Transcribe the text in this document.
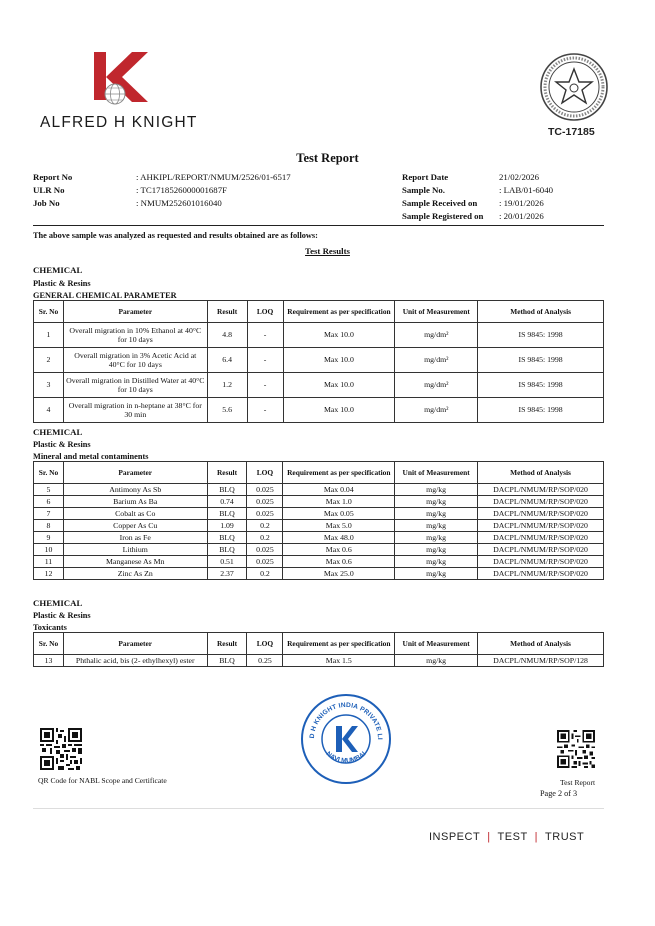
ALFRED H KNIGHT
TC-17185
Test Report
Report No	: AHKIPL/REPORT/NMUM/2526/01-6517
ULR No	: TC1718526000001687F
Job No	: NMUM252601016040
Report Date	21/02/2026
Sample No.	: LAB/01-6040
Sample Received on : 19/01/2026
Sample Registered on : 20/01/2026
The above sample was analyzed as requested and results obtained are as follows:
Test Results
CHEMICAL
Plastic & Resins
GENERAL CHEMICAL PARAMETER
Sr. No	Parameter	Result	LOQ	Requirement as per specification	Unit of Measurement	Method of Analysis
1	Overall migration in 10% Ethanol at 40°C for 10 days	4.8	-	Max 10.0	mg/dm²	IS 9845: 1998
2	Overall migration in 3% Acetic Acid at 40°C for 10 days	6.4	-	Max 10.0	mg/dm²	IS 9845: 1998
3	Overall migration in Distilled Water at 40°C for 10 days	1.2	-	Max 10.0	mg/dm²	IS 9845: 1998
4	Overall migration in n-heptane at 38°C for 30 min	5.6	-	Max 10.0	mg/dm²	IS 9845: 1998
CHEMICAL
Plastic & Resins
Mineral and metal contaminents
Sr. No	Parameter	Result	LOQ	Requirement as per specification	Unit of Measurement	Method of Analysis
5	Antimony As Sb	BLQ	0.025	Max 0.04	mg/kg	DACPL/NMUM/RP/SOP/020
6	Barium As Ba	0.74	0.025	Max 1.0	mg/kg	DACPL/NMUM/RP/SOP/020
7	Cobalt as Co	BLQ	0.025	Max 0.05	mg/kg	DACPL/NMUM/RP/SOP/020
8	Copper As Cu	1.09	0.2	Max 5.0	mg/kg	DACPL/NMUM/RP/SOP/020
9	Iron as Fe	BLQ	0.2	Max 48.0	mg/kg	DACPL/NMUM/RP/SOP/020
10	Lithium	BLQ	0.025	Max 0.6	mg/kg	DACPL/NMUM/RP/SOP/020
11	Manganese As Mn	0.51	0.025	Max 0.6	mg/kg	DACPL/NMUM/RP/SOP/020
12	Zinc As Zn	2.37	0.2	Max 25.0	mg/kg	DACPL/NMUM/RP/SOP/020
CHEMICAL
Plastic & Resins
Toxicants
Sr. No	Parameter	Result	LOQ	Requirement as per specification	Unit of Measurement	Method of Analysis
13	Phthalic acid, bis (2- ethylhexyl) ester	BLQ	0.25	Max 1.5	mg/kg	DACPL/NMUM/RP/SOP/128
QR Code for NABL Scope and Certificate
D H KNIGHT INDIA PRIVATE LI
NAVI MUMBAI
Test Report
Page 2 of 3
INSPECT | TEST | TRUST
